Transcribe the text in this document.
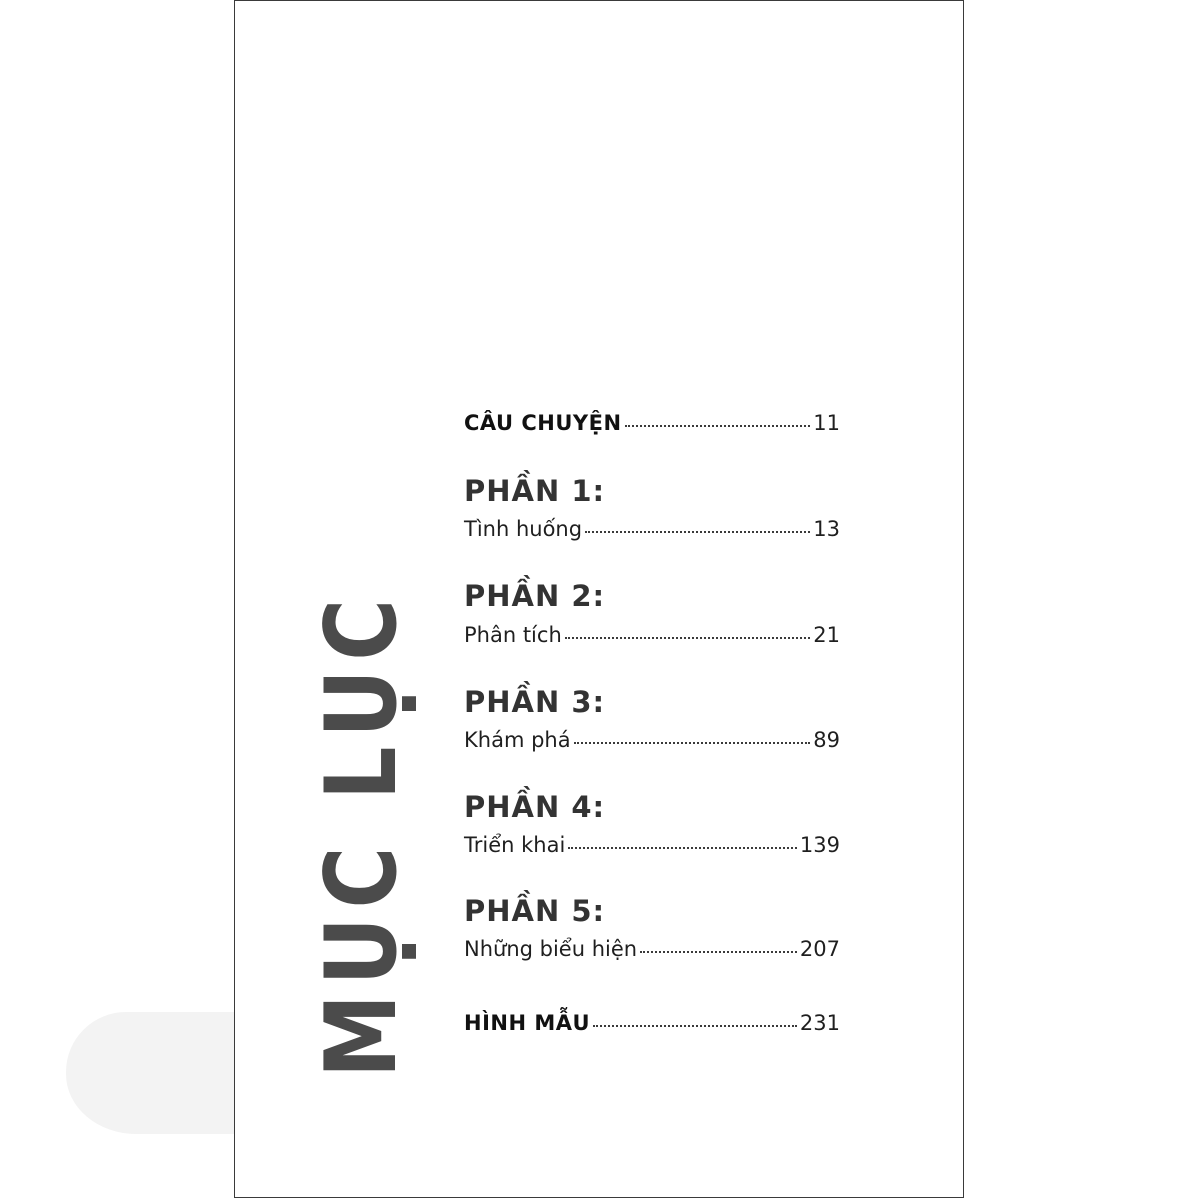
MỤC LỤC
CÂU CHUYỆN	11
PHẦN 1:
Tình huống	13
PHẦN 2:
Phân tích	21
PHẦN 3:
Khám phá	89
PHẦN 4:
Triển khai	139
PHẦN 5:
Những biểu hiện	207
HÌNH MẪU	231
